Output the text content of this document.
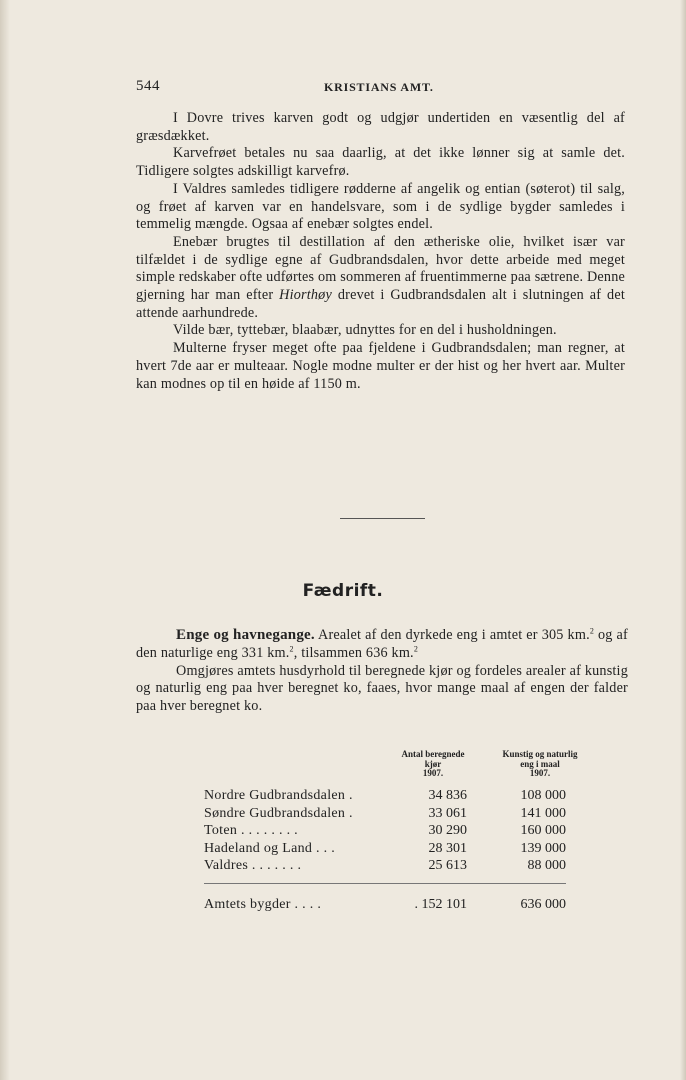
544	KRISTIANS AMT.

I Dovre trives karven godt og udgjør undertiden en væsentlig del af græsdækket.

Karvefrøet betales nu saa daarlig, at det ikke lønner sig at samle det. Tidligere solgtes adskilligt karvefrø.

I Valdres samledes tidligere rødderne af angelik og entian (søterot) til salg, og frøet af karven var en handelsvare, som i de sydlige bygder samledes i temmelig mængde. Ogsaa af enebær solgtes endel.

Enebær brugtes til destillation af den ætheriske olie, hvilket især var tilfældet i de sydlige egne af Gudbrandsdalen, hvor dette arbeide med meget simple redskaber ofte udførtes om sommeren af fruentimmerne paa sætrene. Denne gjerning har man efter Hiorthøy drevet i Gudbrandsdalen alt i slutningen af det attende aarhundrede.

Vilde bær, tyttebær, blaabær, udnyttes for en del i husholdningen.

Multerne fryser meget ofte paa fjeldene i Gudbrandsdalen; man regner, at hvert 7de aar er multeaar. Nogle modne multer er der hist og her hvert aar. Multer kan modnes op til en høide af 1150 m.

Fædrift.

Enge og havnegange. Arealet af den dyrkede eng i amtet er 305 km.$^2$ og af den naturlige eng 331 km.$^2$, tilsammen 636 km.$^2$

Omgjøres amtets husdyrhold til beregnede kjør og fordeles arealer af kunstig og naturlig eng paa hver beregnet ko, faaes, hvor mange maal af engen der falder paa hver beregnet ko.

Antal beregnede
kjør
1907.
Kunstig og naturlig
eng i maal
1907.
Nordre Gudbrandsdalen .	34 836	108 000
Søndre Gudbrandsdalen .	33 061	141 000
Toten . . . . . . . .	30 290	160 000
Hadeland og Land . . .	28 301	139 000
Valdres . . . . . . .	25 613	88 000
Amtets bygder . . . .	. 152 101	636 000
